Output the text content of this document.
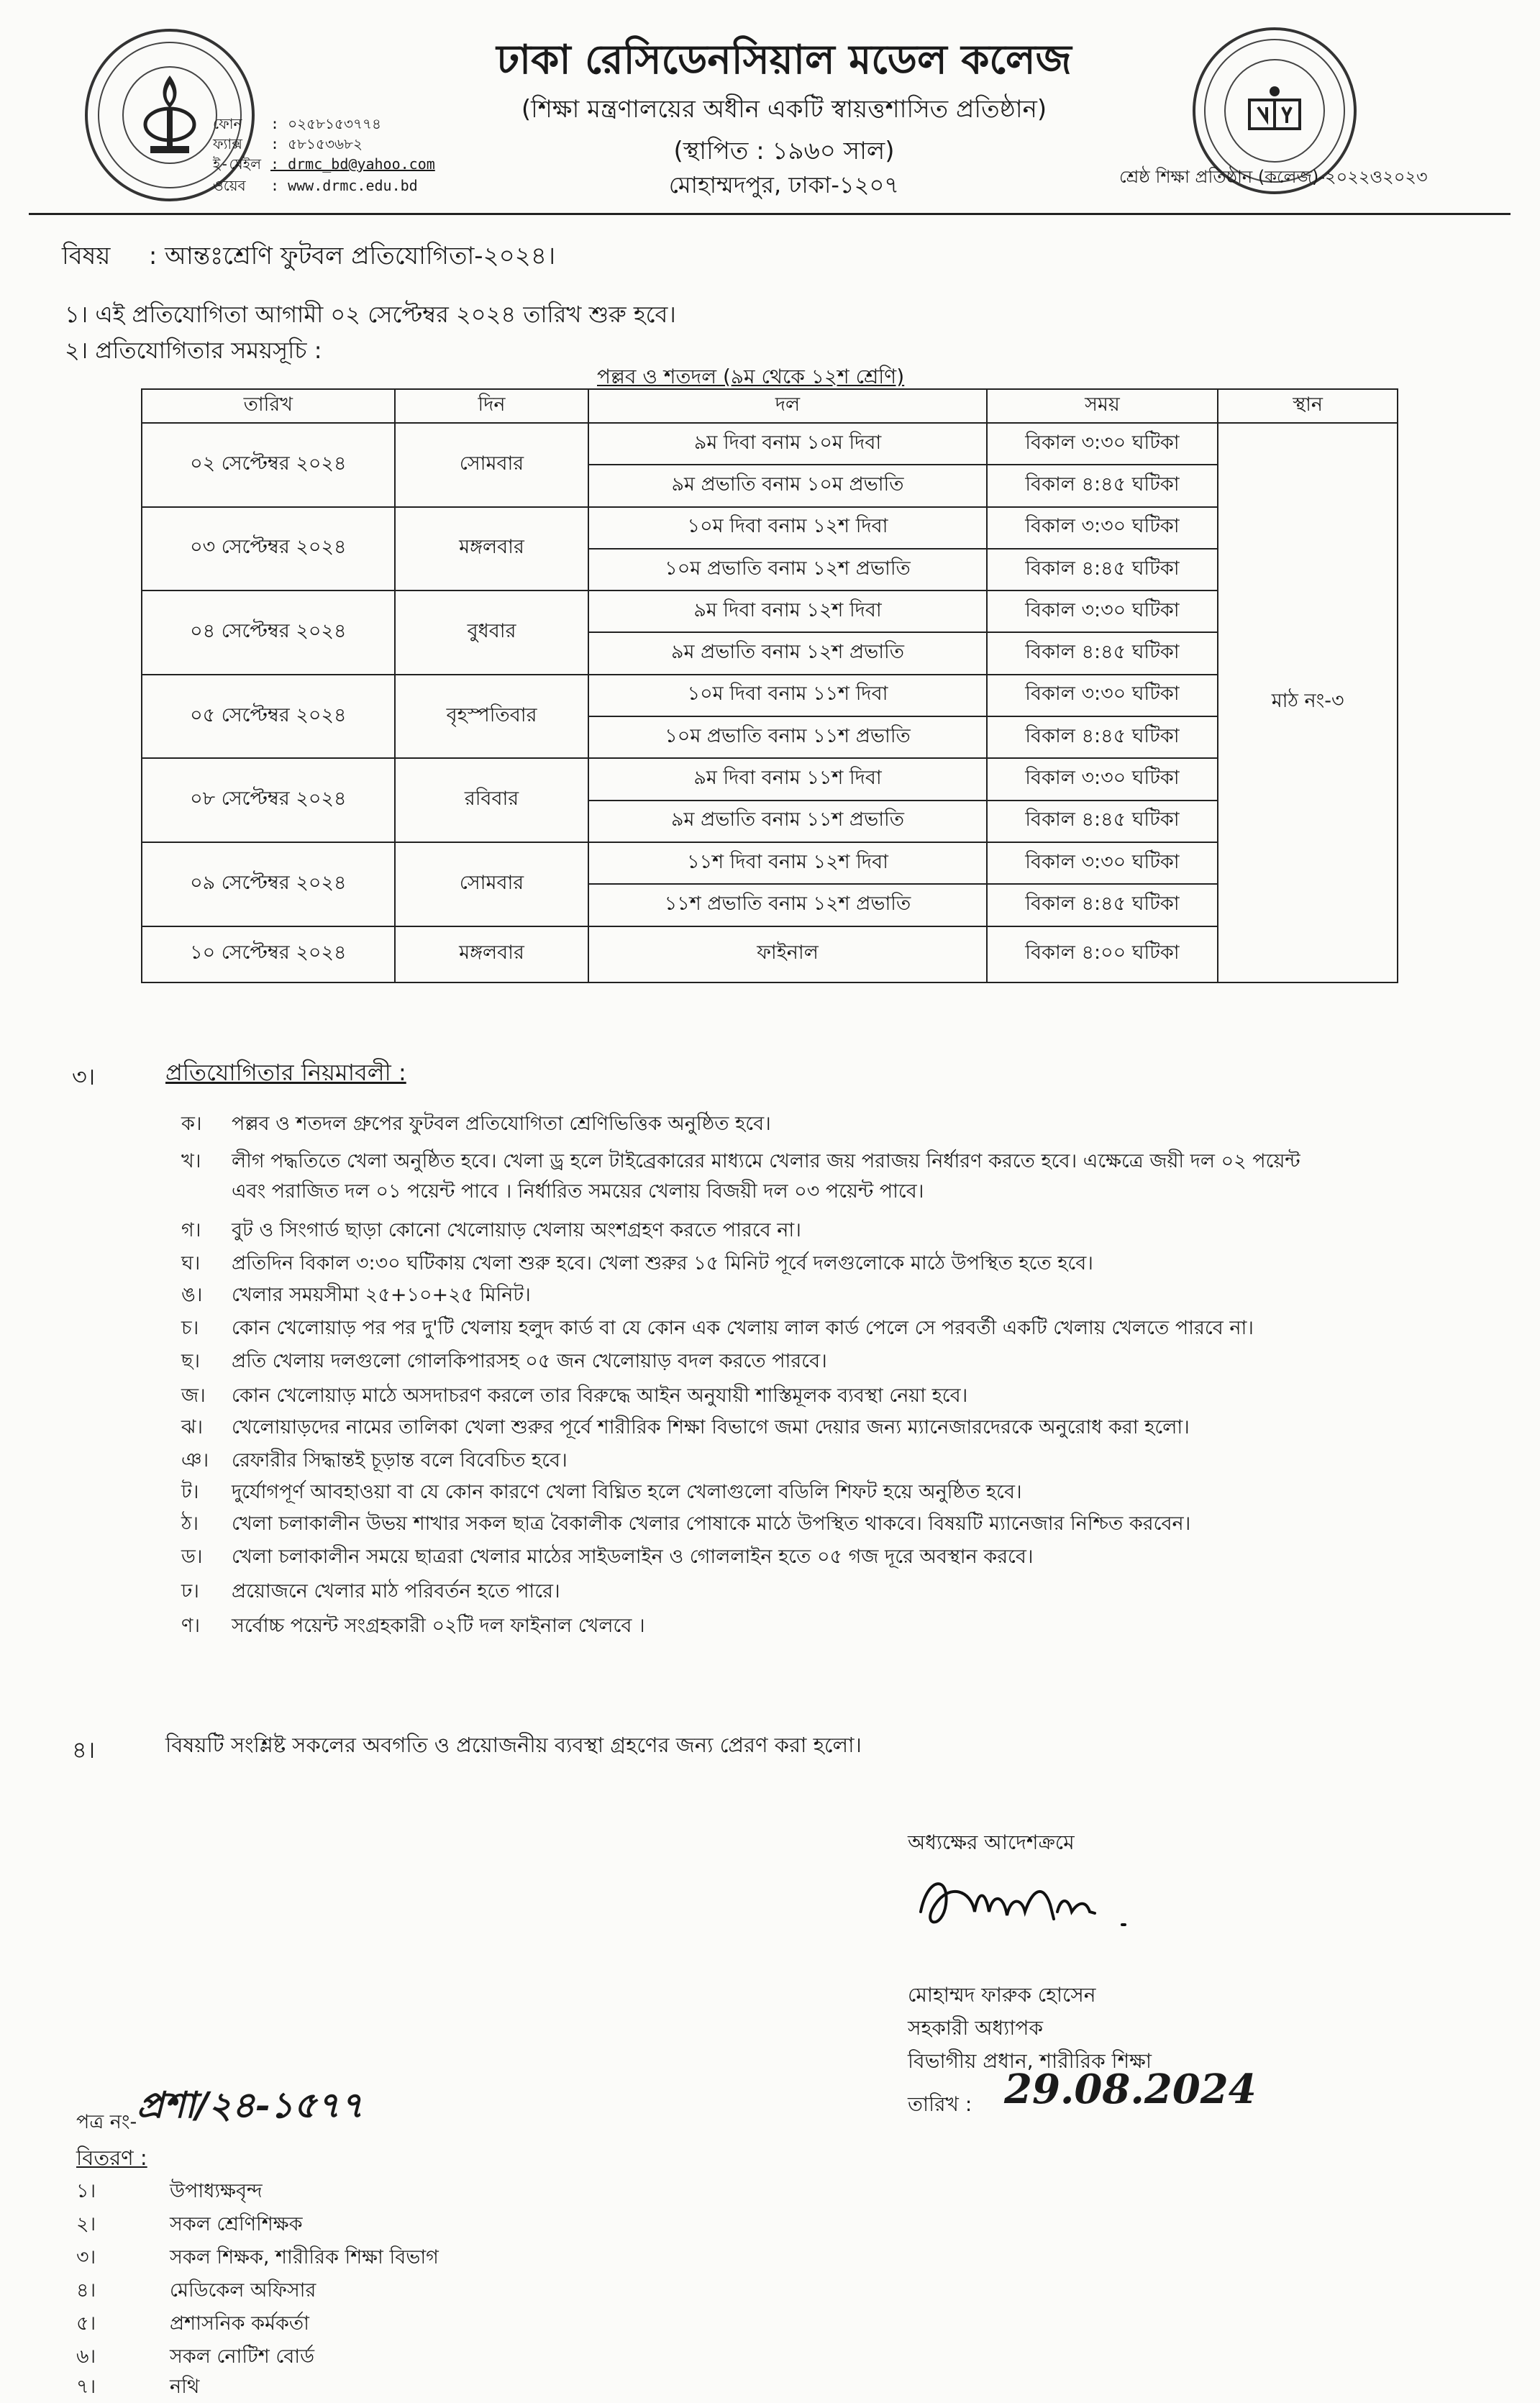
ফোন : ০২৫৮১৫৩৭৭৪
ফ্যাক্স : ৫৮১৫৩৬৮২
ই-মেইল : drmc_bd@yahoo.com
ওয়েব : www.drmc.edu.bd
ঢাকা রেসিডেনসিয়াল মডেল কলেজ
(শিক্ষা মন্ত্রণালয়ের অধীন একটি স্বায়ত্তশাসিত প্রতিষ্ঠান)
(স্থাপিত : ১৯৬০ সাল)
মোহাম্মদপুর, ঢাকা-১২০৭	শ্রেষ্ঠ শিক্ষা প্রতিষ্ঠান (কলেজ)-২০২২ও২০২৩
বিষয় : আন্তঃশ্রেণি ফুটবল প্রতিযোগিতা-২০২৪।
১। এই প্রতিযোগিতা আগামী ০২ সেপ্টেম্বর ২০২৪ তারিখ শুরু হবে।
২। প্রতিযোগিতার সময়সূচি :
পল্লব ও শতদল (৯ম থেকে ১২শ শ্রেণি)
তারিখ	দিন	দল	সময়	স্থান
০২ সেপ্টেম্বর ২০২৪	সোমবার	৯ম দিবা বনাম ১০ম দিবা	বিকাল ৩:৩০ ঘটিকা	মাঠ নং-৩
		৯ম প্রভাতি বনাম ১০ম প্রভাতি	বিকাল ৪:৪৫ ঘটিকা	
০৩ সেপ্টেম্বর ২০২৪	মঙ্গলবার	১০ম দিবা বনাম ১২শ দিবা	বিকাল ৩:৩০ ঘটিকা	
		১০ম প্রভাতি বনাম ১২শ প্রভাতি	বিকাল ৪:৪৫ ঘটিকা	
০৪ সেপ্টেম্বর ২০২৪	বুধবার	৯ম দিবা বনাম ১২শ দিবা	বিকাল ৩:৩০ ঘটিকা	
		৯ম প্রভাতি বনাম ১২শ প্রভাতি	বিকাল ৪:৪৫ ঘটিকা	
০৫ সেপ্টেম্বর ২০২৪	বৃহস্পতিবার	১০ম দিবা বনাম ১১শ দিবা	বিকাল ৩:৩০ ঘটিকা	
		১০ম প্রভাতি বনাম ১১শ প্রভাতি	বিকাল ৪:৪৫ ঘটিকা	
০৮ সেপ্টেম্বর ২০২৪	রবিবার	৯ম দিবা বনাম ১১শ দিবা	বিকাল ৩:৩০ ঘটিকা	
		৯ম প্রভাতি বনাম ১১শ প্রভাতি	বিকাল ৪:৪৫ ঘটিকা	
০৯ সেপ্টেম্বর ২০২৪	সোমবার	১১শ দিবা বনাম ১২শ দিবা	বিকাল ৩:৩০ ঘটিকা	
		১১শ প্রভাতি বনাম ১২শ প্রভাতি	বিকাল ৪:৪৫ ঘটিকা	
১০ সেপ্টেম্বর ২০২৪	মঙ্গলবার	ফাইনাল	বিকাল ৪:০০ ঘটিকা	
৩।	প্রতিযোগিতার নিয়মাবলী :
ক। পল্লব ও শতদল গ্রুপের ফুটবল প্রতিযোগিতা শ্রেণিভিত্তিক অনুষ্ঠিত হবে।
খ। লীগ পদ্ধতিতে খেলা অনুষ্ঠিত হবে। খেলা ড্র হলে টাইব্রেকারের মাধ্যমে খেলার জয় পরাজয় নির্ধারণ করতে হবে। এক্ষেত্রে জয়ী দল ০২ পয়েন্ট
এবং পরাজিত দল ০১ পয়েন্ট পাবে । নির্ধারিত সময়ের খেলায় বিজয়ী দল ০৩ পয়েন্ট পাবে।
গ। বুট ও সিংগার্ড ছাড়া কোনো খেলোয়াড় খেলায় অংশগ্রহণ করতে পারবে না।
ঘ। প্রতিদিন বিকাল ৩:৩০ ঘটিকায় খেলা শুরু হবে। খেলা শুরুর ১৫ মিনিট পূর্বে দলগুলোকে মাঠে উপস্থিত হতে হবে।
ঙ। খেলার সময়সীমা ২৫+১০+২৫ মিনিট।
চ। কোন খেলোয়াড় পর পর দু'টি খেলায় হলুদ কার্ড বা যে কোন এক খেলায় লাল কার্ড পেলে সে পরবর্তী একটি খেলায় খেলতে পারবে না।
ছ। প্রতি খেলায় দলগুলো গোলকিপারসহ ০৫ জন খেলোয়াড় বদল করতে পারবে।
জ। কোন খেলোয়াড় মাঠে অসদাচরণ করলে তার বিরুদ্ধে আইন অনুযায়ী শাস্তিমূলক ব্যবস্থা নেয়া হবে।
ঝ। খেলোয়াড়দের নামের তালিকা খেলা শুরুর পূর্বে শারীরিক শিক্ষা বিভাগে জমা দেয়ার জন্য ম্যানেজারদেরকে অনুরোধ করা হলো।
ঞ। রেফারীর সিদ্ধান্তই চূড়ান্ত বলে বিবেচিত হবে।
ট। দুর্যোগপূর্ণ আবহাওয়া বা যে কোন কারণে খেলা বিঘ্নিত হলে খেলাগুলো বডিলি শিফট হয়ে অনুষ্ঠিত হবে।
ঠ। খেলা চলাকালীন উভয় শাখার সকল ছাত্র বৈকালীক খেলার পোষাকে মাঠে উপস্থিত থাকবে। বিষয়টি ম্যানেজার নিশ্চিত করবেন।
ড। খেলা চলাকালীন সময়ে ছাত্ররা খেলার মাঠের সাইডলাইন ও গোললাইন হতে ০৫ গজ দূরে অবস্থান করবে।
ঢ। প্রয়োজনে খেলার মাঠ পরিবর্তন হতে পারে।
ণ। সর্বোচ্চ পয়েন্ট সংগ্রহকারী ০২টি দল ফাইনাল খেলবে ।
৪।	বিষয়টি সংশ্লিষ্ট সকলের অবগতি ও প্রয়োজনীয় ব্যবস্থা গ্রহণের জন্য প্রেরণ করা হলো।
অধ্যক্ষের আদেশক্রমে
মোহাম্মদ ফারুক হোসেন
সহকারী অধ্যাপক
বিভাগীয় প্রধান, শারীরিক শিক্ষা
তারিখ : 29.08.2024
পত্র নং- প্রশা/২৪-১৫৭৭
বিতরণ :
১।	উপাধ্যক্ষবৃন্দ
২।	সকল শ্রেণিশিক্ষক
৩।	সকল শিক্ষক, শারীরিক শিক্ষা বিভাগ
৪।	মেডিকেল অফিসার
৫।	প্রশাসনিক কর্মকর্তা
৬।	সকল নোটিশ বোর্ড
৭।	নথি
